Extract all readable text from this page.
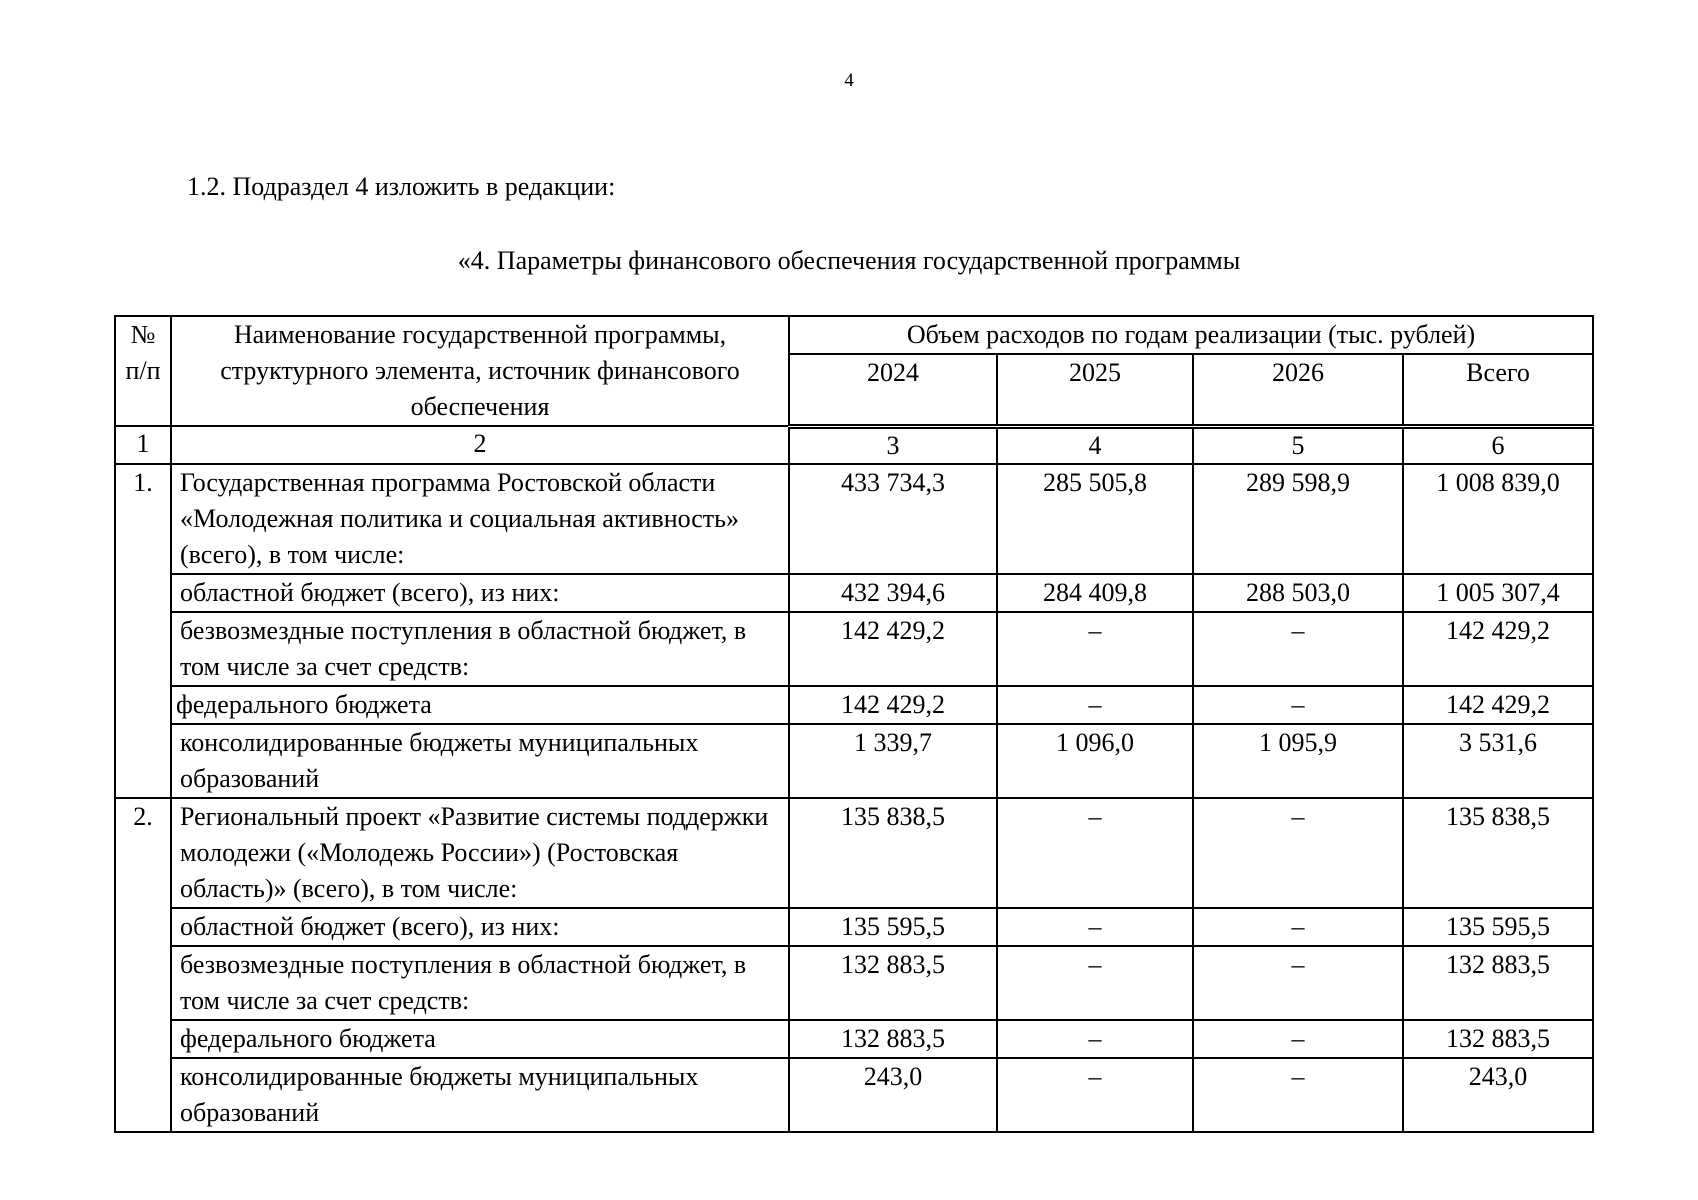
4
1.2. Подраздел 4 изложить в редакции:
«4. Параметры финансового обеспечения государственной программы
№ п/п	Наименование государственной программы, структурного элемента, источник финансового обеспечения	Объем расходов по годам реализации (тыс. рублей)			
		2024	2025	2026	Всего
1	2	3	4	5	6
1.	Государственная программа Ростовской области «Молодежная политика и социальная активность» (всего), в том числе:	433 734,3	285 505,8	289 598,9	1 008 839,0
	областной бюджет (всего), из них:	432 394,6	284 409,8	288 503,0	1 005 307,4
	безвозмездные поступления в областной бюджет, в том числе за счет средств:	142 429,2	–	–	142 429,2
	федерального бюджета	142 429,2	–	–	142 429,2
	консолидированные бюджеты муниципальных образований	1 339,7	1 096,0	1 095,9	3 531,6
2.	Региональный проект «Развитие системы поддержки молодежи («Молодежь России») (Ростовская область)» (всего), в том числе:	135 838,5	–	–	135 838,5
	областной бюджет (всего), из них:	135 595,5	–	–	135 595,5
	безвозмездные поступления в областной бюджет, в том числе за счет средств:	132 883,5	–	–	132 883,5
	федерального бюджета	132 883,5	–	–	132 883,5
	консолидированные бюджеты муниципальных образований	243,0	–	–	243,0
